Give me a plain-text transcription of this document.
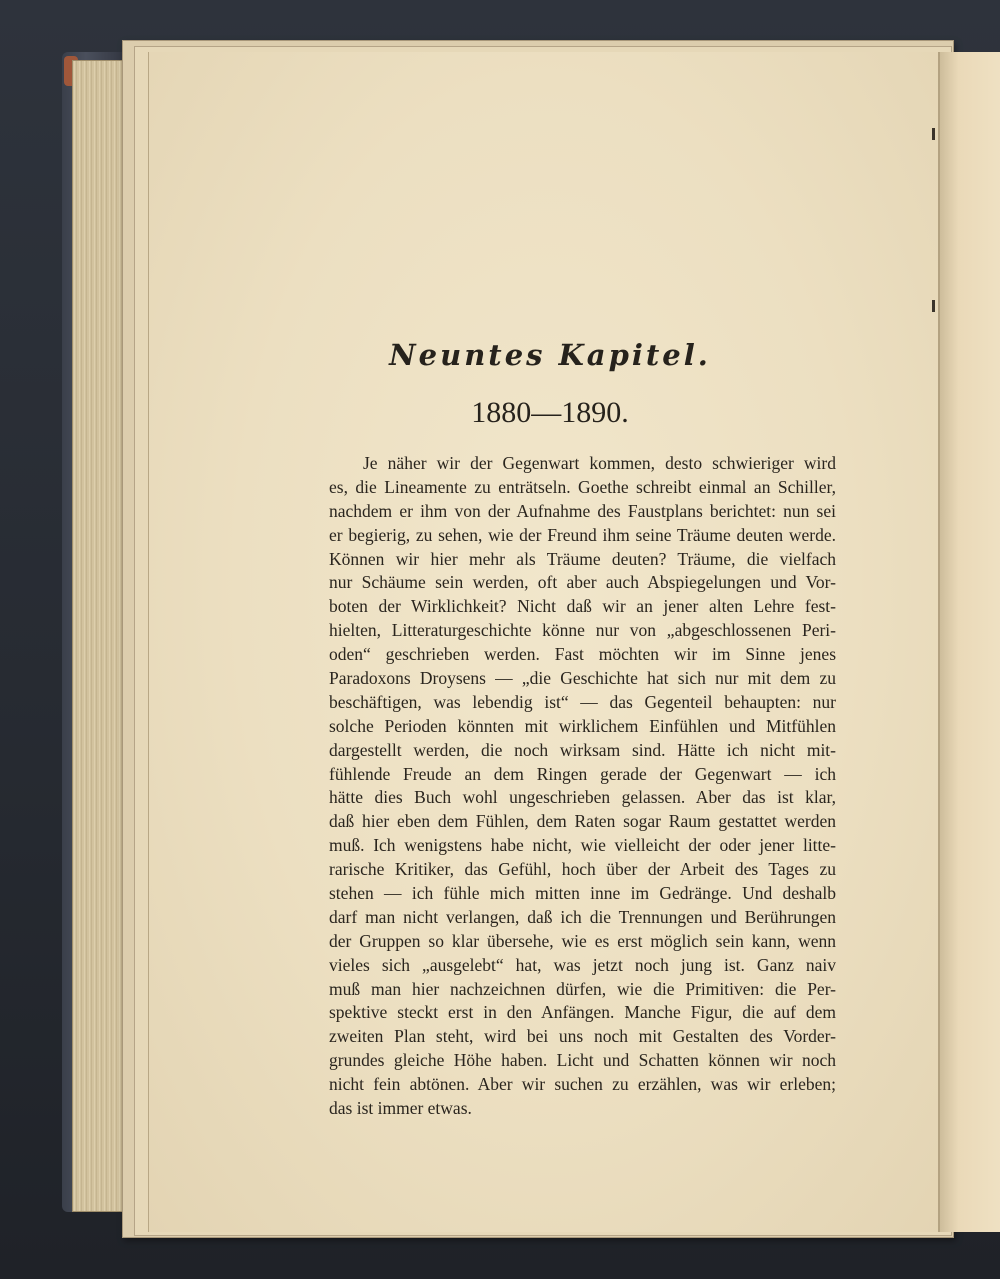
Neuntes Kapitel.
1880—1890.
Je näher wir der Gegenwart kommen, desto schwieriger wird
es, die Lineamente zu enträtseln. Goethe schreibt einmal an Schiller,
nachdem er ihm von der Aufnahme des Faustplans berichtet: nun sei
er begierig, zu sehen, wie der Freund ihm seine Träume deuten werde.
Können wir hier mehr als Träume deuten? Träume, die vielfach
nur Schäume sein werden, oft aber auch Abspiegelungen und Vor-
boten der Wirklichkeit? Nicht daß wir an jener alten Lehre fest-
hielten, Litteraturgeschichte könne nur von „abgeschlossenen Peri-
oden“ geschrieben werden. Fast möchten wir im Sinne jenes
Paradoxons Droysens — „die Geschichte hat sich nur mit dem zu
beschäftigen, was lebendig ist“ — das Gegenteil behaupten: nur
solche Perioden könnten mit wirklichem Einfühlen und Mitfühlen
dargestellt werden, die noch wirksam sind. Hätte ich nicht mit-
fühlende Freude an dem Ringen gerade der Gegenwart — ich
hätte dies Buch wohl ungeschrieben gelassen. Aber das ist klar,
daß hier eben dem Fühlen, dem Raten sogar Raum gestattet werden
muß. Ich wenigstens habe nicht, wie vielleicht der oder jener litte-
rarische Kritiker, das Gefühl, hoch über der Arbeit des Tages zu
stehen — ich fühle mich mitten inne im Gedränge. Und deshalb
darf man nicht verlangen, daß ich die Trennungen und Berührungen
der Gruppen so klar übersehe, wie es erst möglich sein kann, wenn
vieles sich „ausgelebt“ hat, was jetzt noch jung ist. Ganz naiv
muß man hier nachzeichnen dürfen, wie die Primitiven: die Per-
spektive steckt erst in den Anfängen. Manche Figur, die auf dem
zweiten Plan steht, wird bei uns noch mit Gestalten des Vorder-
grundes gleiche Höhe haben. Licht und Schatten können wir noch
nicht fein abtönen. Aber wir suchen zu erzählen, was wir erleben;
das ist immer etwas.
